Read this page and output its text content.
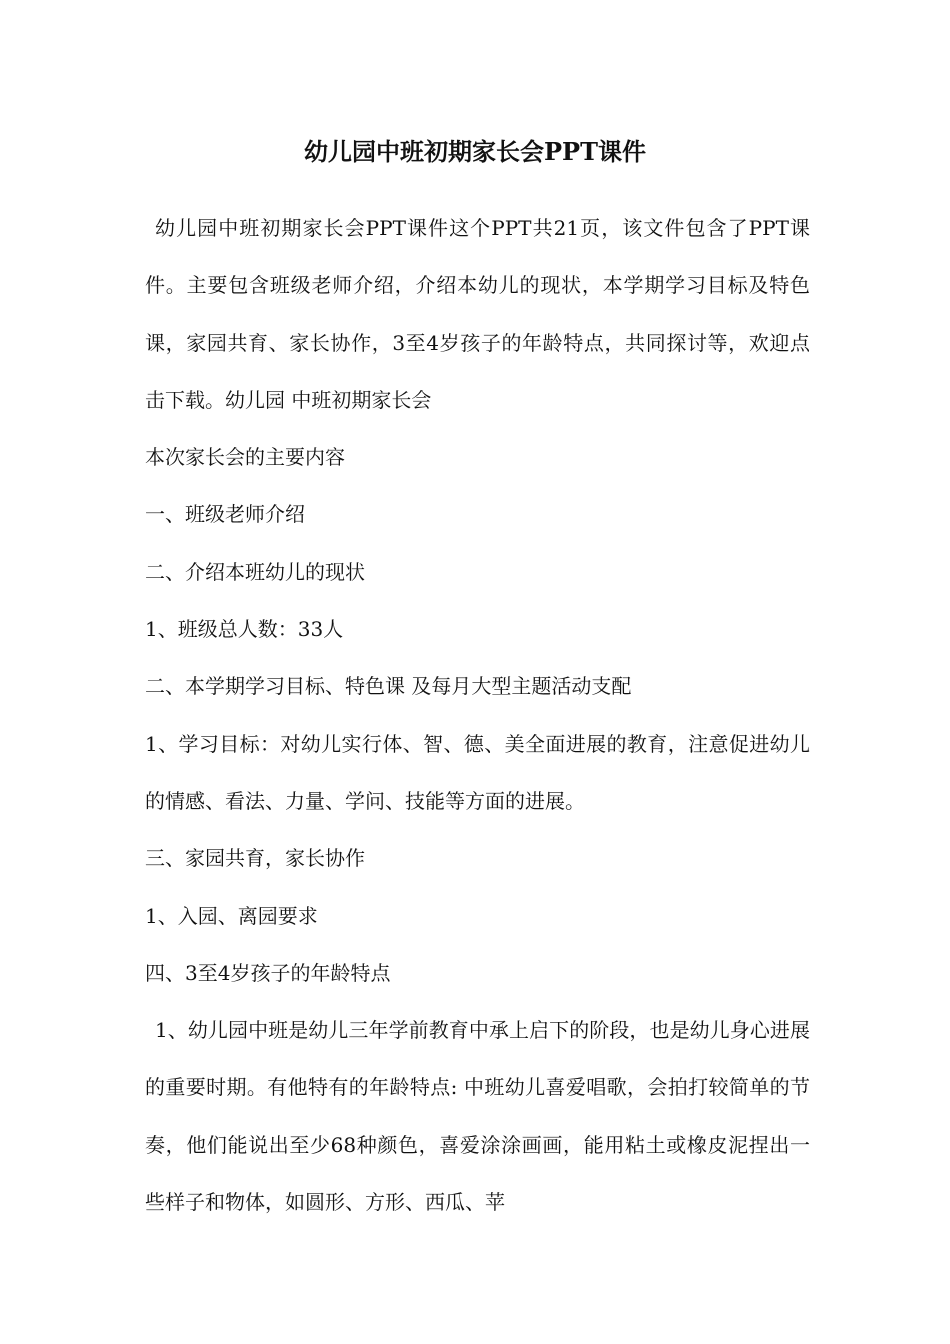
幼儿园中班初期家长会PPT课件

幼儿园中班初期家长会PPT课件这个PPT共21页，该文件包含了PPT课件。主要包含班级老师介绍，介绍本幼儿的现状，本学期学习目标及特色课，家园共育、家长协作，3至4岁孩子的年龄特点，共同探讨等，欢迎点击下载。幼儿园 中班初期家长会

本次家长会的主要内容

一、班级老师介绍

二、介绍本班幼儿的现状

1、班级总人数：33人

二、本学期学习目标、特色课 及每月大型主题活动支配

1、学习目标：对幼儿实行体、智、德、美全面进展的教育，注意促进幼儿的情感、看法、力量、学问、技能等方面的进展。

三、家园共育，家长协作

1、入园、离园要求

四、3至4岁孩子的年龄特点

1、幼儿园中班是幼儿三年学前教育中承上启下的阶段，也是幼儿身心进展的重要时期。有他特有的年龄特点: 中班幼儿喜爱唱歌，会拍打较简单的节奏，他们能说出至少68种颜色，喜爱涂涂画画，能用粘土或橡皮泥捏出一些样子和物体，如圆形、方形、西瓜、苹
